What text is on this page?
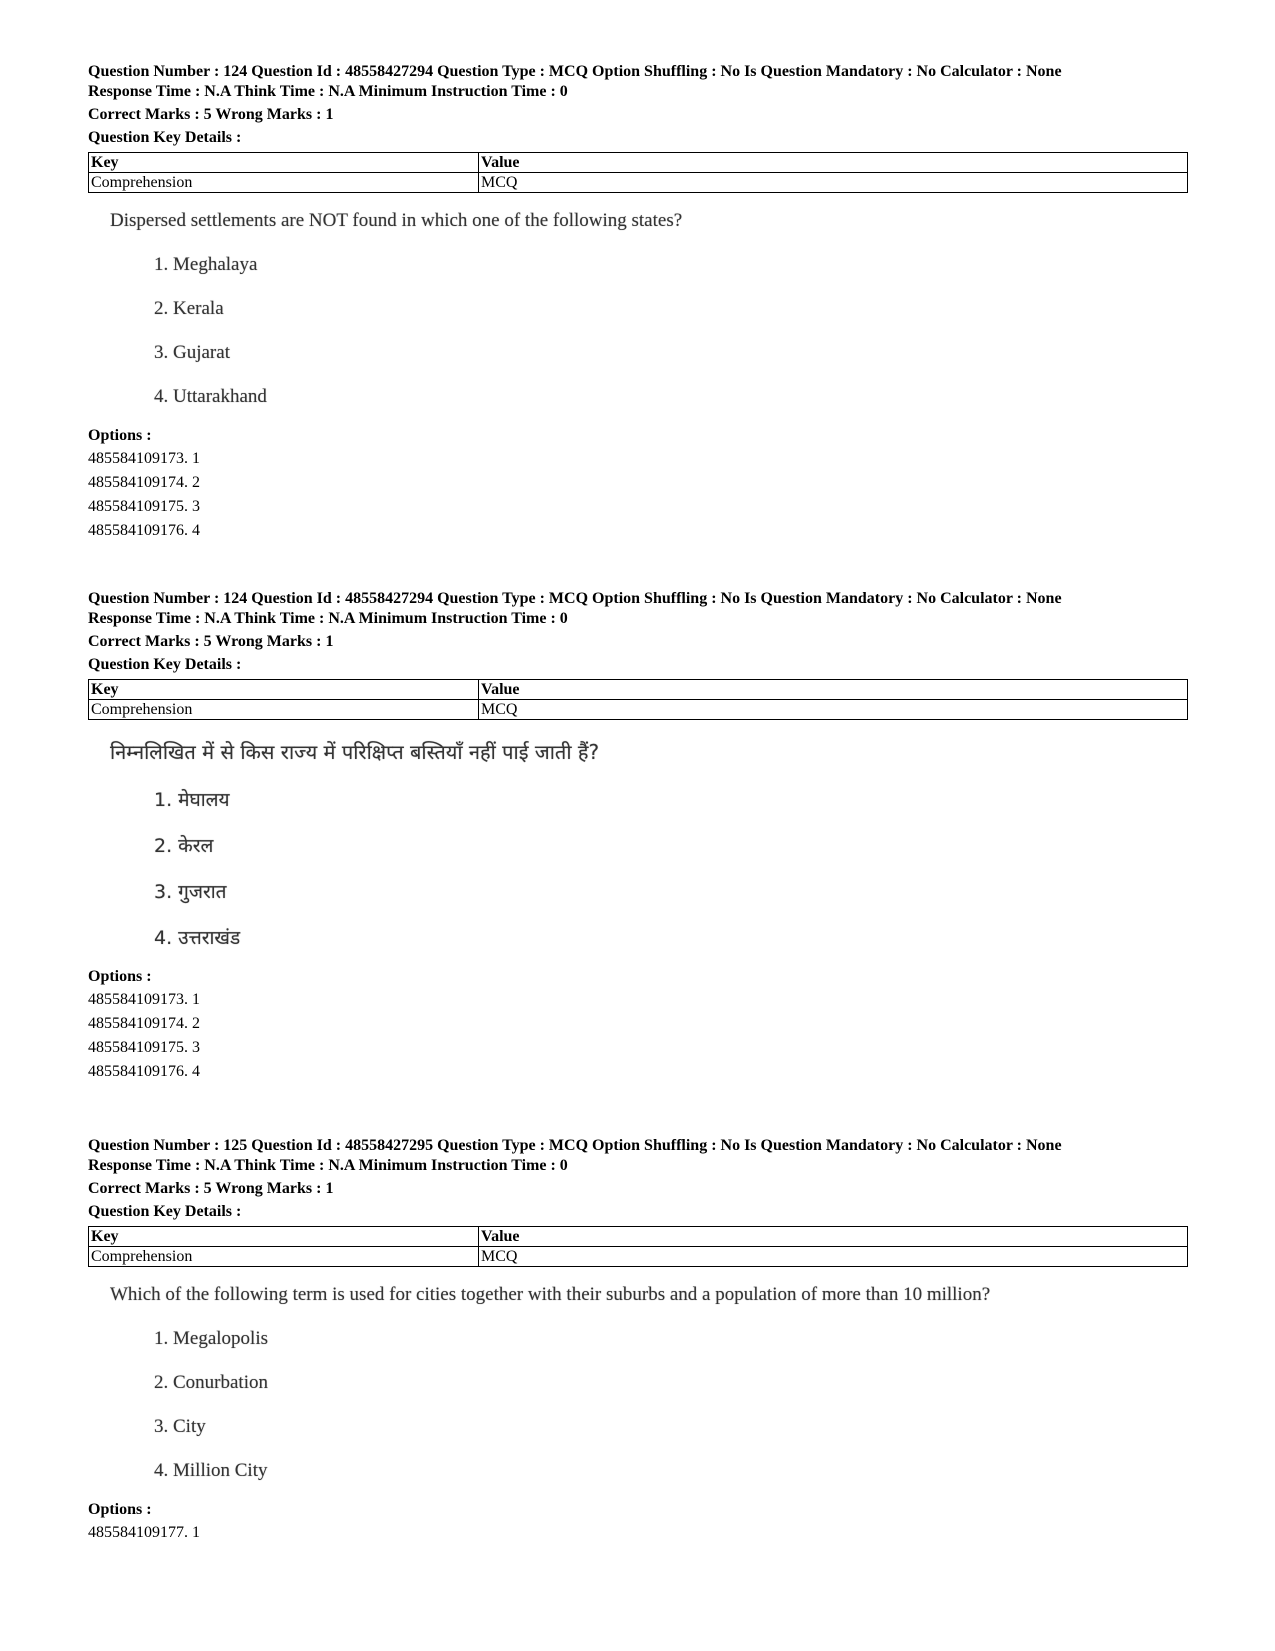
Question Number : 124 Question Id : 48558427294 Question Type : MCQ Option Shuffling : No Is Question Mandatory : No Calculator : None

Response Time : N.A Think Time : N.A Minimum Instruction Time : 0

Correct Marks : 5 Wrong Marks : 1

Question Key Details :

Key	Value
Comprehension	MCQ

Dispersed settlements are NOT found in which one of the following states?

1. Meghalaya

2. Kerala

3. Gujarat

4. Uttarakhand

Options :
485584109173. 1
485584109174. 2
485584109175. 3
485584109176. 4

Question Number : 124 Question Id : 48558427294 Question Type : MCQ Option Shuffling : No Is Question Mandatory : No Calculator : None

Response Time : N.A Think Time : N.A Minimum Instruction Time : 0

Correct Marks : 5 Wrong Marks : 1

Question Key Details :

Key	Value
Comprehension	MCQ

निम्नलिखित में से किस राज्य में परिक्षिप्त बस्तियाँ नहीं पाई जाती हैं?

1. मेघालय

2. केरल

3. गुजरात

4. उत्तराखंड

Options :
485584109173. 1
485584109174. 2
485584109175. 3
485584109176. 4

Question Number : 125 Question Id : 48558427295 Question Type : MCQ Option Shuffling : No Is Question Mandatory : No Calculator : None

Response Time : N.A Think Time : N.A Minimum Instruction Time : 0

Correct Marks : 5 Wrong Marks : 1

Question Key Details :

Key	Value
Comprehension	MCQ

Which of the following term is used for cities together with their suburbs and a population of more than 10 million?

1. Megalopolis

2. Conurbation

3. City

4. Million City

Options :
485584109177. 1
